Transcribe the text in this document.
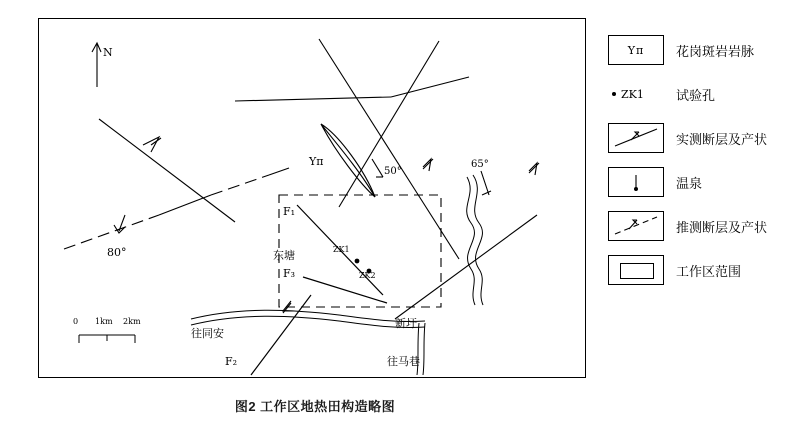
80°
50°
65°
N
Υπ
F₁
F₃
F₂
东塘	ZK1
ZK2
新圩
往同安
往马巷
0 1km 2km
图2 工作区地热田构造略图
Υπ	花岗斑岩岩脉
ZK1 试验孔
实测断层及产状
温泉
推测断层及产状
工作区范围
